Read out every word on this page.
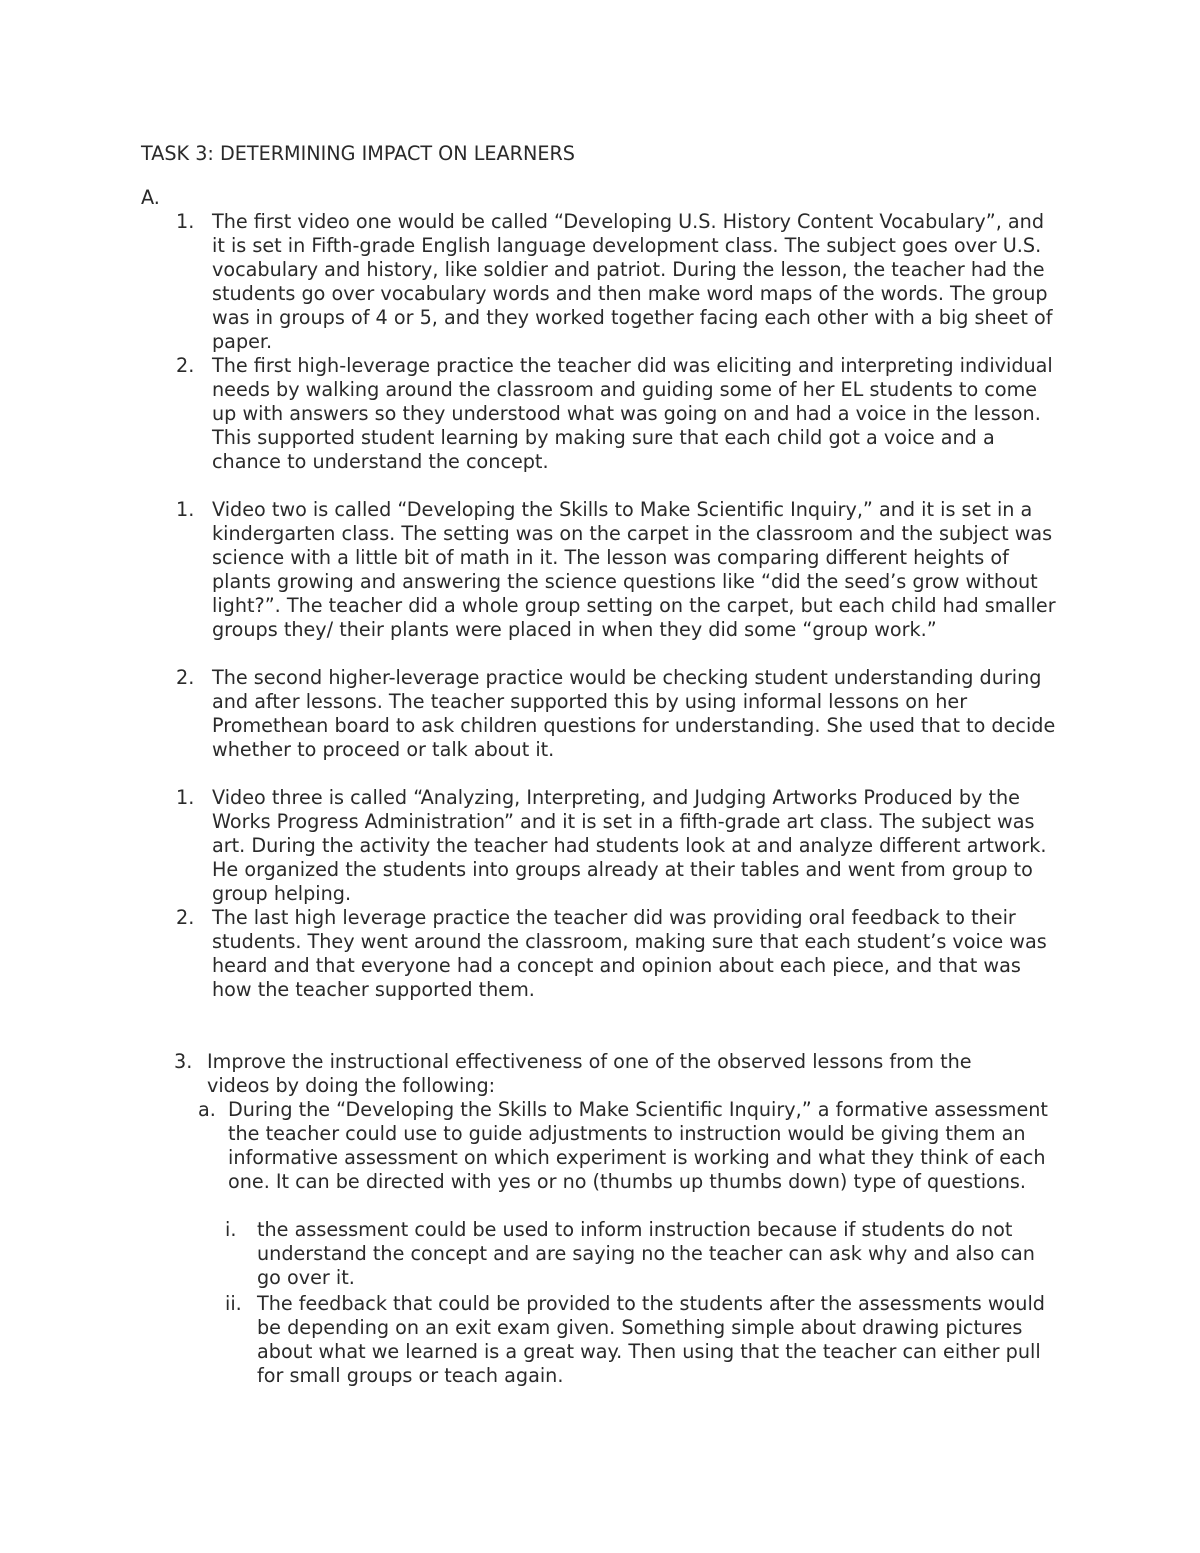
TASK 3: DETERMINING IMPACT ON LEARNERS

A.

1. The first video one would be called “Developing U.S. History Content Vocabulary”, and it is set in Fifth-grade English language development class. The subject goes over U.S. vocabulary and history, like soldier and patriot. During the lesson, the teacher had the students go over vocabulary words and then make word maps of the words. The group was in groups of 4 or 5, and they worked together facing each other with a big sheet of paper.

2. The first high-leverage practice the teacher did was eliciting and interpreting individual needs by walking around the classroom and guiding some of her EL students to come up with answers so they understood what was going on and had a voice in the lesson. This supported student learning by making sure that each child got a voice and a chance to understand the concept.

1. Video two is called “Developing the Skills to Make Scientific Inquiry,” and it is set in a kindergarten class. The setting was on the carpet in the classroom and the subject was science with a little bit of math in it. The lesson was comparing different heights of plants growing and answering the science questions like “did the seed’s grow without light?”. The teacher did a whole group setting on the carpet, but each child had smaller groups they/ their plants were placed in when they did some “group work.”

2. The second higher-leverage practice would be checking student understanding during and after lessons. The teacher supported this by using informal lessons on her Promethean board to ask children questions for understanding. She used that to decide whether to proceed or talk about it.

1. Video three is called “Analyzing, Interpreting, and Judging Artworks Produced by the Works Progress Administration” and it is set in a fifth-grade art class. The subject was art. During the activity the teacher had students look at and analyze different artwork. He organized the students into groups already at their tables and went from group to group helping.

2. The last high leverage practice the teacher did was providing oral feedback to their students. They went around the classroom, making sure that each student’s voice was heard and that everyone had a concept and opinion about each piece, and that was how the teacher supported them.

3. Improve the instructional effectiveness of one of the observed lessons from the videos by doing the following:

a. During the “Developing the Skills to Make Scientific Inquiry,” a formative assessment the teacher could use to guide adjustments to instruction would be giving them an informative assessment on which experiment is working and what they think of each one. It can be directed with yes or no (thumbs up thumbs down) type of questions.

i. the assessment could be used to inform instruction because if students do not understand the concept and are saying no the teacher can ask why and also can go over it.

ii. The feedback that could be provided to the students after the assessments would be depending on an exit exam given. Something simple about drawing pictures about what we learned is a great way. Then using that the teacher can either pull for small groups or teach again.
